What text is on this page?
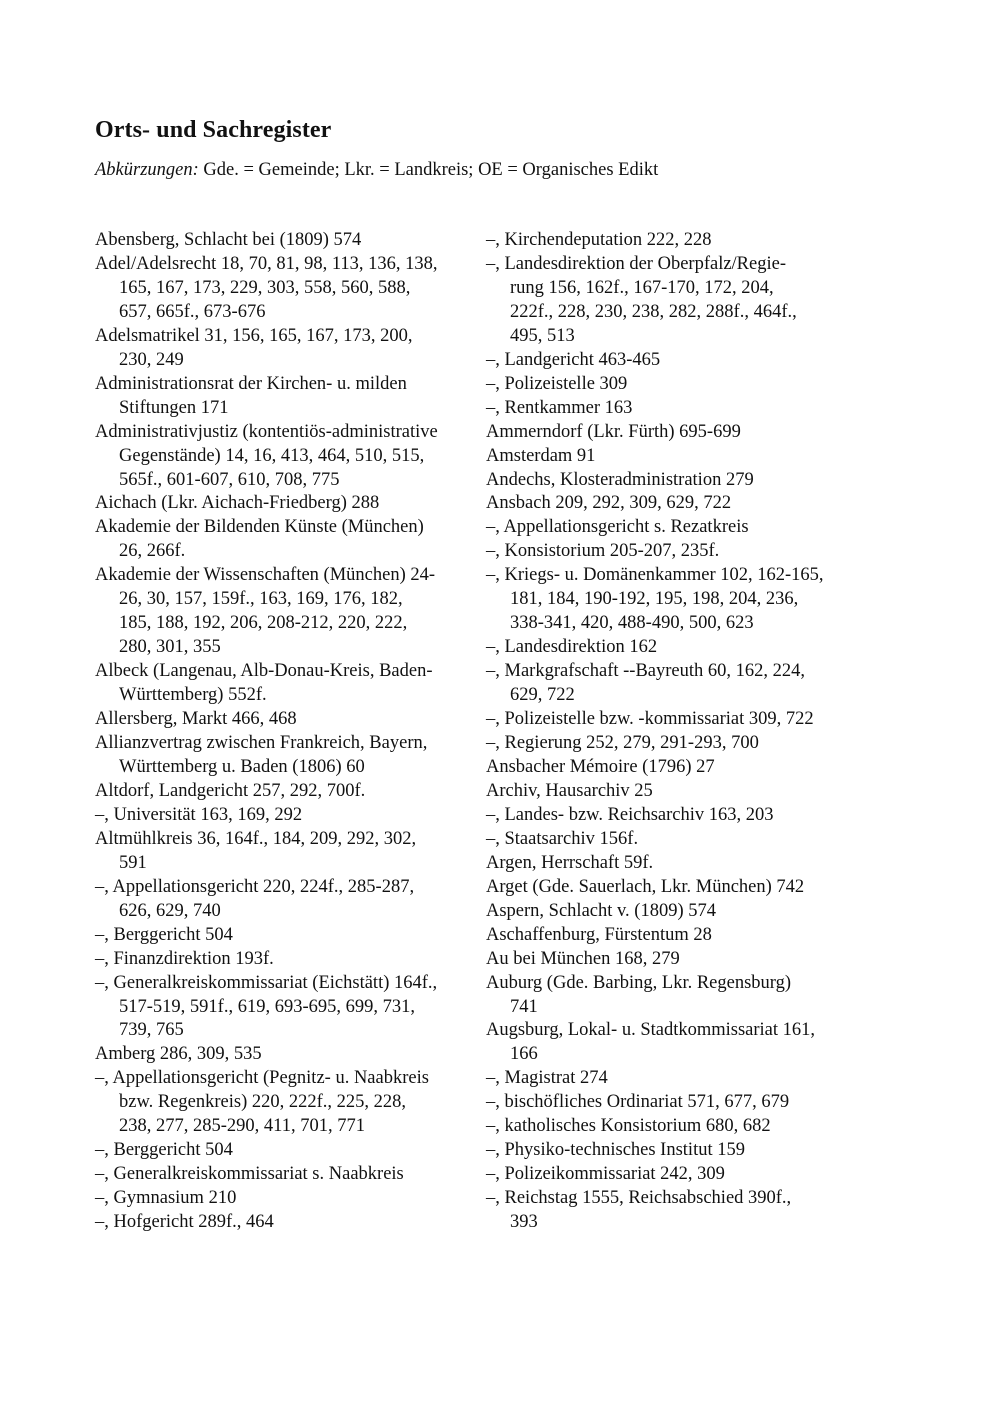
Orts- und Sachregister

Abkürzungen: Gde. = Gemeinde; Lkr. = Landkreis; OE = Organisches Edikt

Abensberg, Schlacht bei (1809) 574
Adel/Adelsrecht 18, 70, 81, 98, 113, 136, 138,
165, 167, 173, 229, 303, 558, 560, 588,
657, 665f., 673-676
Adelsmatrikel 31, 156, 165, 167, 173, 200,
230, 249
Administrationsrat der Kirchen- u. milden
Stiftungen 171
Administrativjustiz (kontentiös-administrative
Gegenstände) 14, 16, 413, 464, 510, 515,
565f., 601-607, 610, 708, 775
Aichach (Lkr. Aichach-Friedberg) 288
Akademie der Bildenden Künste (München)
26, 266f.
Akademie der Wissenschaften (München) 24-
26, 30, 157, 159f., 163, 169, 176, 182,
185, 188, 192, 206, 208-212, 220, 222,
280, 301, 355
Albeck (Langenau, Alb-Donau-Kreis, Baden-
Württemberg) 552f.
Allersberg, Markt 466, 468
Allianzvertrag zwischen Frankreich, Bayern,
Württemberg u. Baden (1806) 60
Altdorf, Landgericht 257, 292, 700f.
–, Universität 163, 169, 292
Altmühlkreis 36, 164f., 184, 209, 292, 302,
591
–, Appellationsgericht 220, 224f., 285-287,
626, 629, 740
–, Berggericht 504
–, Finanzdirektion 193f.
–, Generalkreiskommissariat (Eichstätt) 164f.,
517-519, 591f., 619, 693-695, 699, 731,
739, 765
Amberg 286, 309, 535
–, Appellationsgericht (Pegnitz- u. Naabkreis
bzw. Regenkreis) 220, 222f., 225, 228,
238, 277, 285-290, 411, 701, 771
–, Berggericht 504
–, Generalkreiskommissariat s. Naabkreis
–, Gymnasium 210
–, Hofgericht 289f., 464
–, Kirchendeputation 222, 228
–, Landesdirektion der Oberpfalz/Regie-
rung 156, 162f., 167-170, 172, 204,
222f., 228, 230, 238, 282, 288f., 464f.,
495, 513
–, Landgericht 463-465
–, Polizeistelle 309
–, Rentkammer 163
Ammerndorf (Lkr. Fürth) 695-699
Amsterdam 91
Andechs, Klosteradministration 279
Ansbach 209, 292, 309, 629, 722
–, Appellationsgericht s. Rezatkreis
–, Konsistorium 205-207, 235f.
–, Kriegs- u. Domänenkammer 102, 162-165,
181, 184, 190-192, 195, 198, 204, 236,
338-341, 420, 488-490, 500, 623
–, Landesdirektion 162
–, Markgrafschaft --Bayreuth 60, 162, 224,
629, 722
–, Polizeistelle bzw. -kommissariat 309, 722
–, Regierung 252, 279, 291-293, 700
Ansbacher Mémoire (1796) 27
Archiv, Hausarchiv 25
–, Landes- bzw. Reichsarchiv 163, 203
–, Staatsarchiv 156f.
Argen, Herrschaft 59f.
Arget (Gde. Sauerlach, Lkr. München) 742
Aspern, Schlacht v. (1809) 574
Aschaffenburg, Fürstentum 28
Au bei München 168, 279
Auburg (Gde. Barbing, Lkr. Regensburg)
741
Augsburg, Lokal- u. Stadtkommissariat 161,
166
–, Magistrat 274
–, bischöfliches Ordinariat 571, 677, 679
–, katholisches Konsistorium 680, 682
–, Physiko-technisches Institut 159
–, Polizeikommissariat 242, 309
–, Reichstag 1555, Reichsabschied 390f.,
393
